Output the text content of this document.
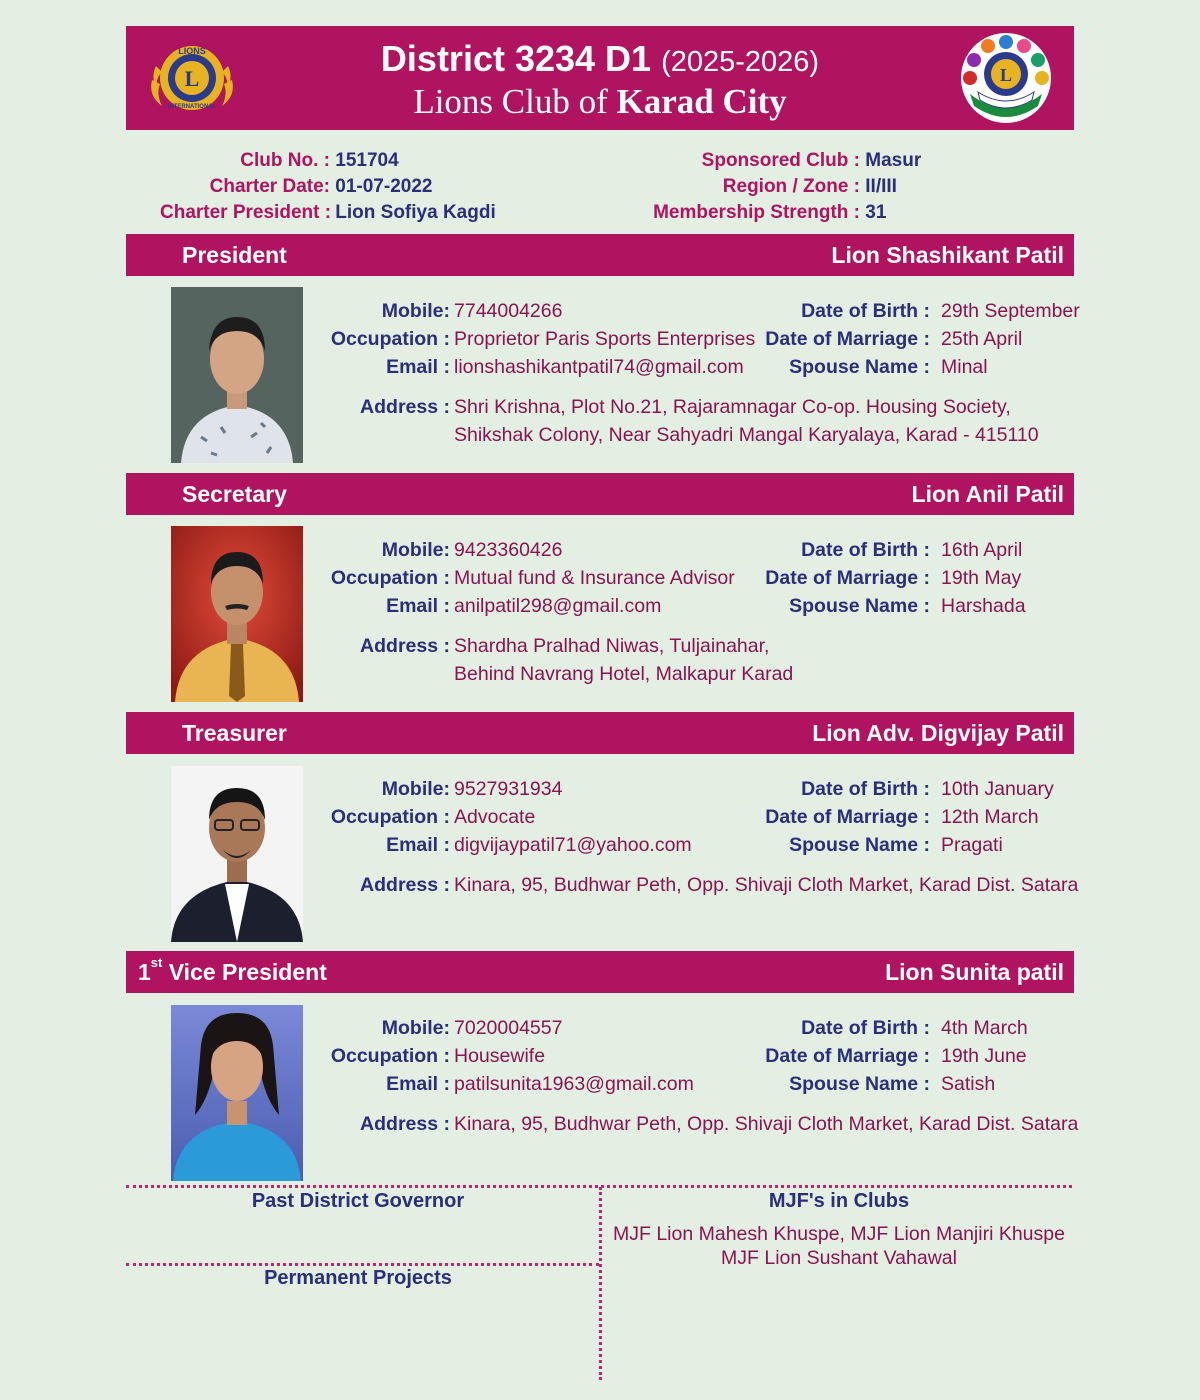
L
LIONS
INTERNATIONAL
District 3234 D1 (2025-2026)
Lions Club of Karad City
L
Club No. : 151704
Charter Date: 01-07-2022
Charter President : Lion Sofiya Kagdi
Sponsored Club : Masur
Region / Zone : II/III
Membership Strength : 31
President	Lion Shashikant Patil
Mobile: 7744004266
Occupation : Proprietor Paris Sports Enterprises
Email : lionshashikantpatil74@gmail.com
Date of Birth : 29th September
Date of Marriage : 25th April
Spouse Name : Minal
Address : Shri Krishna, Plot No.21, Rajaramnagar Co-op. Housing Society,
Shikshak Colony, Near Sahyadri Mangal Karyalaya, Karad - 415110
Secretary	Lion Anil Patil
Mobile: 9423360426
Occupation : Mutual fund & Insurance Advisor
Email : anilpatil298@gmail.com
Date of Birth : 16th April
Date of Marriage : 19th May
Spouse Name : Harshada
Address : Shardha Pralhad Niwas, Tuljainahar,
Behind Navrang Hotel, Malkapur Karad
Treasurer	Lion Adv. Digvijay Patil
Mobile: 9527931934
Occupation : Advocate
Email : digvijaypatil71@yahoo.com
Date of Birth : 10th January
Date of Marriage : 12th March
Spouse Name : Pragati
Address : Kinara, 95, Budhwar Peth, Opp. Shivaji Cloth Market, Karad Dist. Satara
1st Vice President	Lion Sunita patil
Mobile: 7020004557
Occupation : Housewife
Email : patilsunita1963@gmail.com
Date of Birth : 4th March
Date of Marriage : 19th June
Spouse Name : Satish
Address : Kinara, 95, Budhwar Peth, Opp. Shivaji Cloth Market, Karad Dist. Satara
Past District Governor
Permanent Projects
MJF's in Clubs
MJF Lion Mahesh Khuspe, MJF Lion Manjiri Khuspe
MJF Lion Sushant Vahawal
